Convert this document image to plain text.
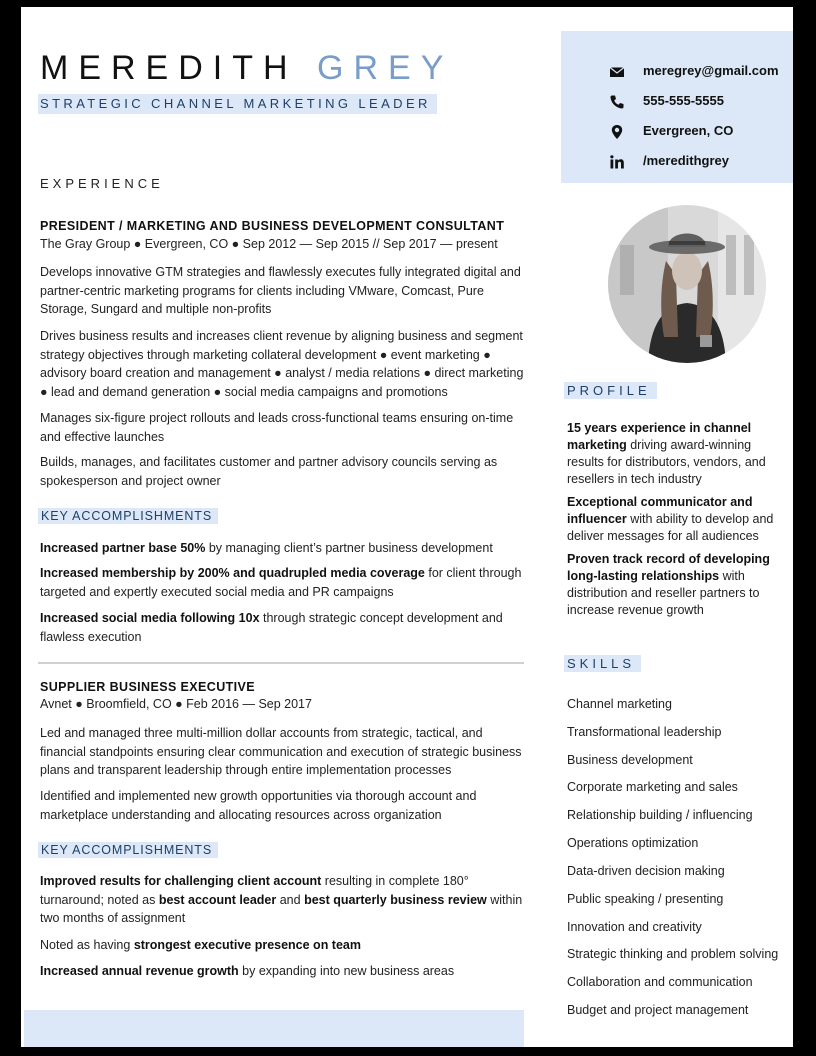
MEREDITH GREY
STRATEGIC CHANNEL MARKETING LEADER
EXPERIENCE
PRESIDENT / MARKETING AND BUSINESS DEVELOPMENT CONSULTANT
The Gray Group ● Evergreen, CO ● Sep 2012 — Sep 2015 // Sep 2017 — present
Develops innovative GTM strategies and flawlessly executes fully integrated digital and partner-centric marketing programs for clients including VMware, Comcast, Pure Storage, Sungard and multiple non-profits
Drives business results and increases client revenue by aligning business and segment strategy objectives through marketing collateral development ● event marketing ● advisory board creation and management ● analyst / media relations ● direct marketing ● lead and demand generation ● social media campaigns and promotions
Manages six-figure project rollouts and leads cross-functional teams ensuring on-time and effective launches
Builds, manages, and facilitates customer and partner advisory councils serving as spokesperson and project owner
KEY ACCOMPLISHMENTS
Increased partner base 50% by managing client’s partner business development
Increased membership by 200% and quadrupled media coverage for client through targeted and expertly executed social media and PR campaigns
Increased social media following 10x through strategic concept development and flawless execution
SUPPLIER BUSINESS EXECUTIVE
Avnet ● Broomfield, CO ● Feb 2016 — Sep 2017
Led and managed three multi-million dollar accounts from strategic, tactical, and financial standpoints ensuring clear communication and execution of strategic business plans and transparent leadership through entire implementation processes
Identified and implemented new growth opportunities via thorough account and marketplace understanding and allocating resources across organization
KEY ACCOMPLISHMENTS
Improved results for challenging client account resulting in complete 180° turnaround; noted as best account leader and best quarterly business review within two months of assignment
Noted as having strongest executive presence on team
Increased annual revenue growth by expanding into new business areas
meregrey@gmail.com
555-555-5555
Evergreen, CO
/meredithgrey
PROFILE
15 years experience in channel marketing driving award-winning results for distributors, vendors, and resellers in tech industry
Exceptional communicator and influencer with ability to develop and deliver messages for all audiences
Proven track record of developing long-lasting relationships with distribution and reseller partners to increase revenue growth
SKILLS
Channel marketing
Transformational leadership
Business development
Corporate marketing and sales
Relationship building / influencing
Operations optimization
Data-driven decision making
Public speaking / presenting
Innovation and creativity
Strategic thinking and problem solving
Collaboration and communication
Budget and project management
